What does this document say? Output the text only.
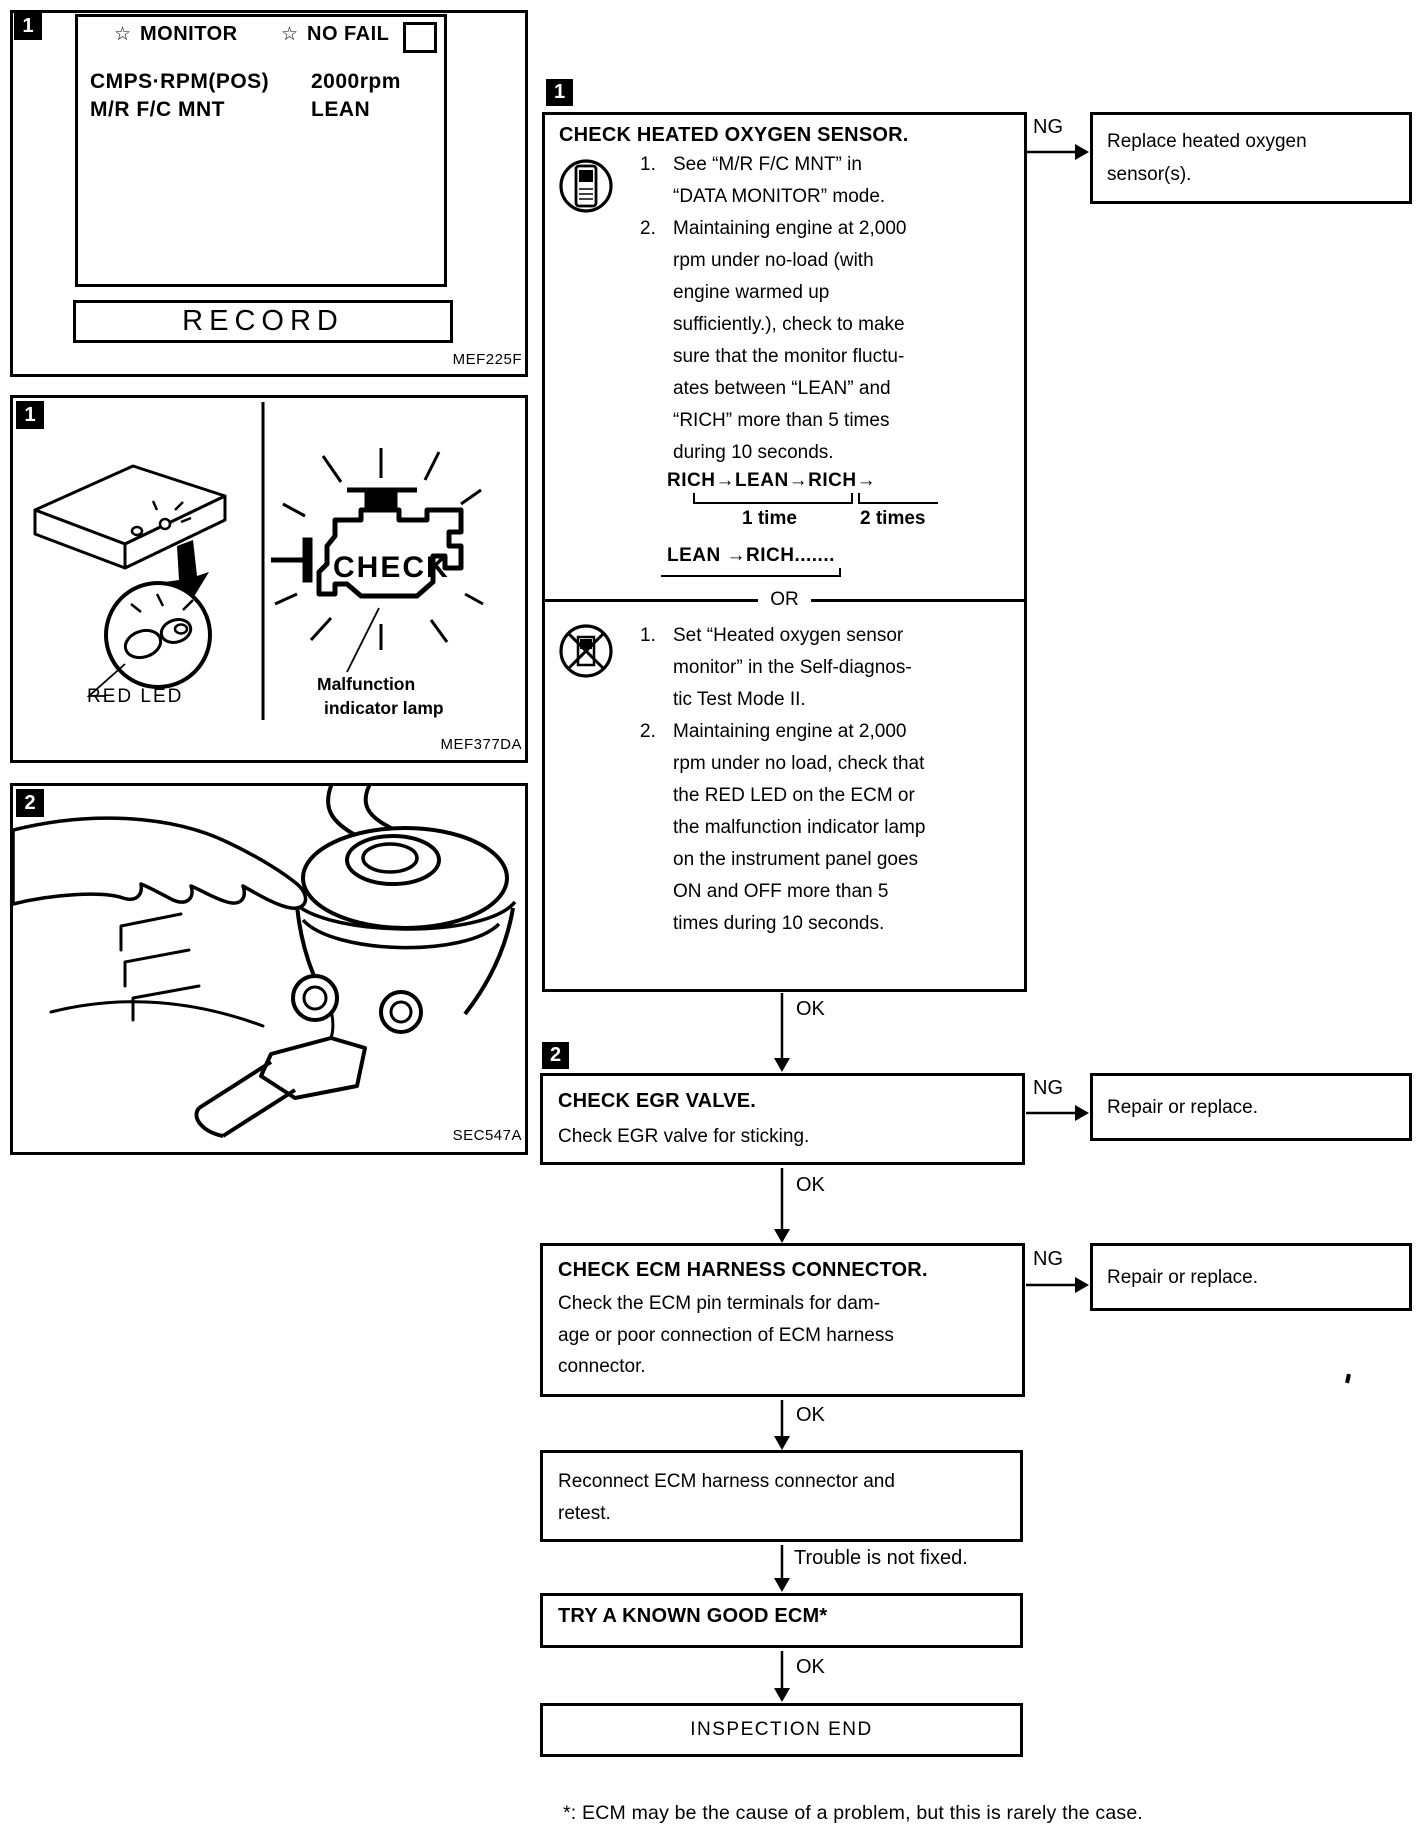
☆ MONITOR ☆ NO FAIL
CMPS·RPM(POS) 2000rpm
M/R F/C MNT	LEAN
RECORD
MEF225F
1
CHECK
RED LED
Malfunction
indicator lamp
MEF377DA
1
SEC547A
2
CHECK HEATED OXYGEN SENSOR.
1. See “M/R F/C MNT” in
“DATA MONITOR” mode.
2. Maintaining engine at 2,000
rpm under no-load (with
engine warmed up
sufficiently.), check to make
sure that the monitor fluctu-
ates between “LEAN” and
“RICH” more than 5 times
during 10 seconds.
RICH→LEAN→RICH→
1 time	2 times
LEAN →RICH.......
OR
1. Set “Heated oxygen sensor
monitor” in the Self-diagnos-
tic Test Mode II.
2. Maintaining engine at 2,000
rpm under no load, check that
the RED LED on the ECM or
the malfunction indicator lamp
on the instrument panel goes
ON and OFF more than 5
times during 10 seconds.
1
NG
Replace heated oxygen
sensor(s).
OK
CHECK EGR VALVE.
Check EGR valve for sticking.
2
NG
Repair or replace.
OK
CHECK ECM HARNESS CONNECTOR.
Check the ECM pin terminals for dam-
age or poor connection of ECM harness
connector.
NG
Repair or replace.
OK
Reconnect ECM harness connector and
retest.
Trouble is not fixed.
TRY A KNOWN GOOD ECM*
OK
INSPECTION END
*: ECM may be the cause of a problem, but this is rarely the case.
